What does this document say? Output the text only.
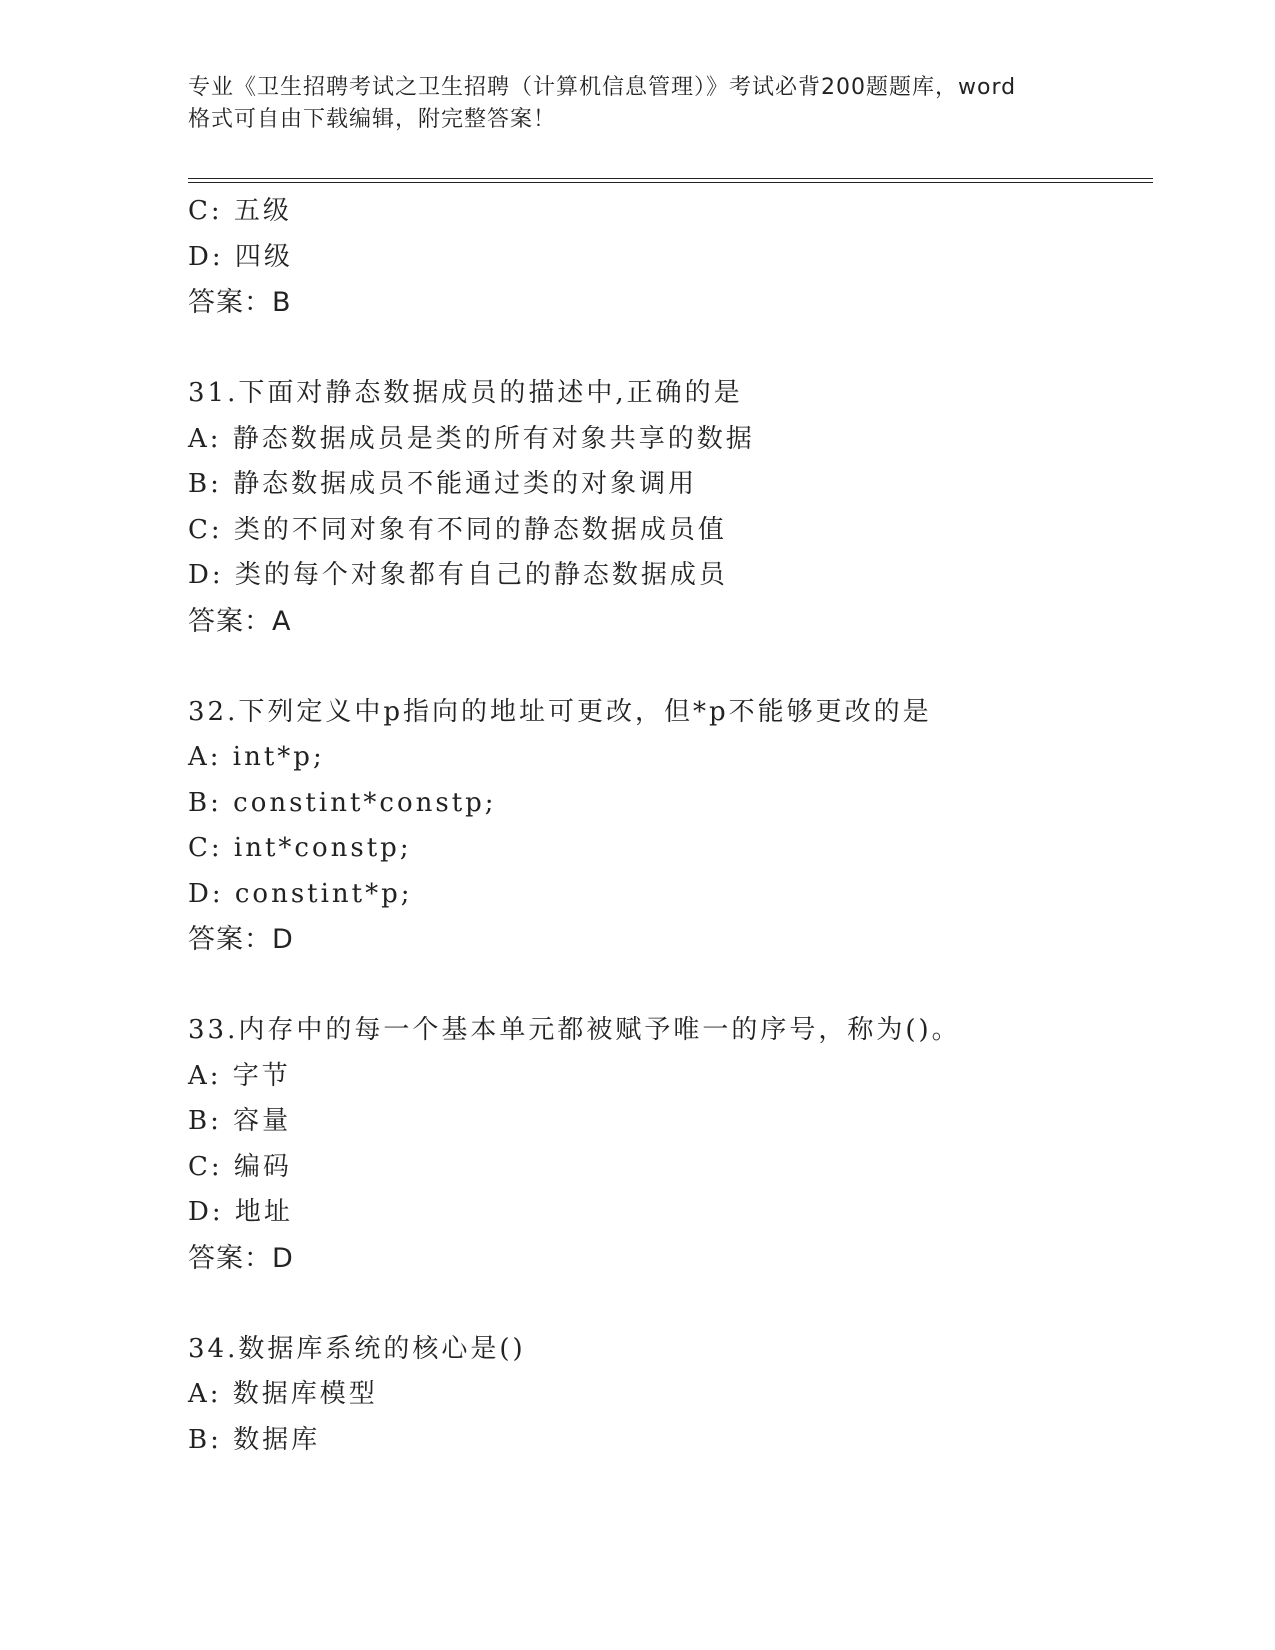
专业《卫生招聘考试之卫生招聘（计算机信息管理）》考试必背200题题库，word
格式可自由下载编辑，附完整答案！
C: 五级
D: 四级
答案：B
31.下面对静态数据成员的描述中,正确的是
A: 静态数据成员是类的所有对象共享的数据
B: 静态数据成员不能通过类的对象调用
C: 类的不同对象有不同的静态数据成员值
D: 类的每个对象都有自己的静态数据成员
答案：A
32.下列定义中p指向的地址可更改，但*p不能够更改的是
A: int*p;
B: constint*constp;
C: int*constp;
D: constint*p;
答案：D
33.内存中的每一个基本单元都被赋予唯一的序号，称为()。
A: 字节
B: 容量
C: 编码
D: 地址
答案：D
34.数据库系统的核心是()
A: 数据库模型
B: 数据库
